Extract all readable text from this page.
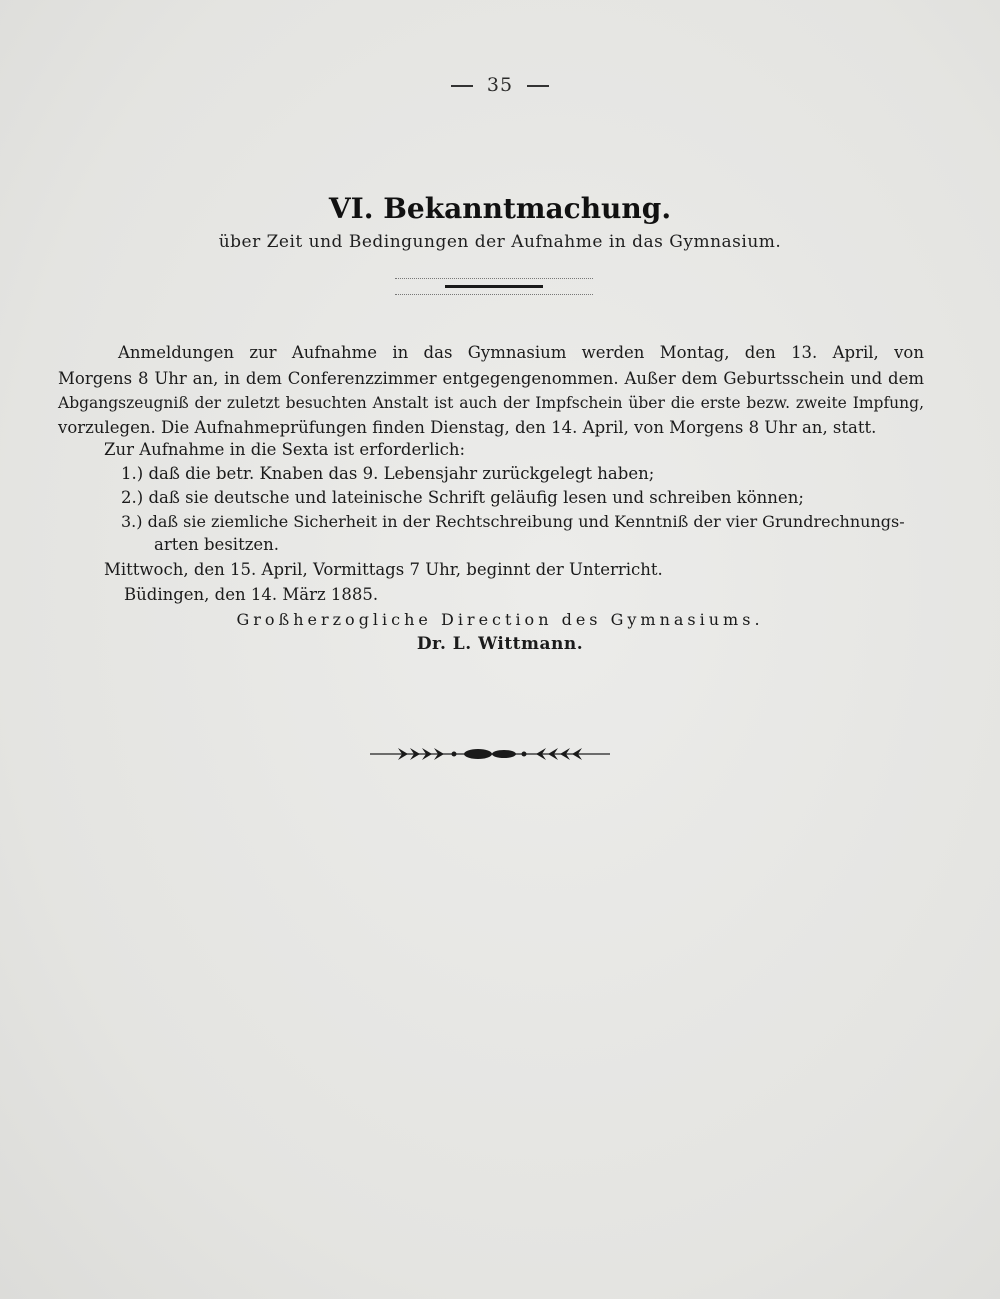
35
VI. Bekanntmachung.
über Zeit und Bedingungen der Aufnahme in das Gymnasium.
Anmeldungen zur Aufnahme in das Gymnasium werden Montag, den 13. April, von
Morgens 8 Uhr an, in dem Conferenzzimmer entgegengenommen. Außer dem Geburtsschein und dem
Abgangszeugniß der zuletzt besuchten Anstalt ist auch der Impfschein über die erste bezw. zweite Impfung,
vorzulegen. Die Aufnahmeprüfungen finden Dienstag, den 14. April, von Morgens 8 Uhr an, statt.
Zur Aufnahme in die Sexta ist erforderlich:
1.) daß die betr. Knaben das 9. Lebensjahr zurückgelegt haben;
2.) daß sie deutsche und lateinische Schrift geläufig lesen und schreiben können;
3.) daß sie ziemliche Sicherheit in der Rechtschreibung und Kenntniß der vier Grundrechnungs-
arten besitzen.
Mittwoch, den 15. April, Vormittags 7 Uhr, beginnt der Unterricht.
Büdingen, den 14. März 1885.
Großherzogliche Direction des Gymnasiums.
Dr. L. Wittmann.
